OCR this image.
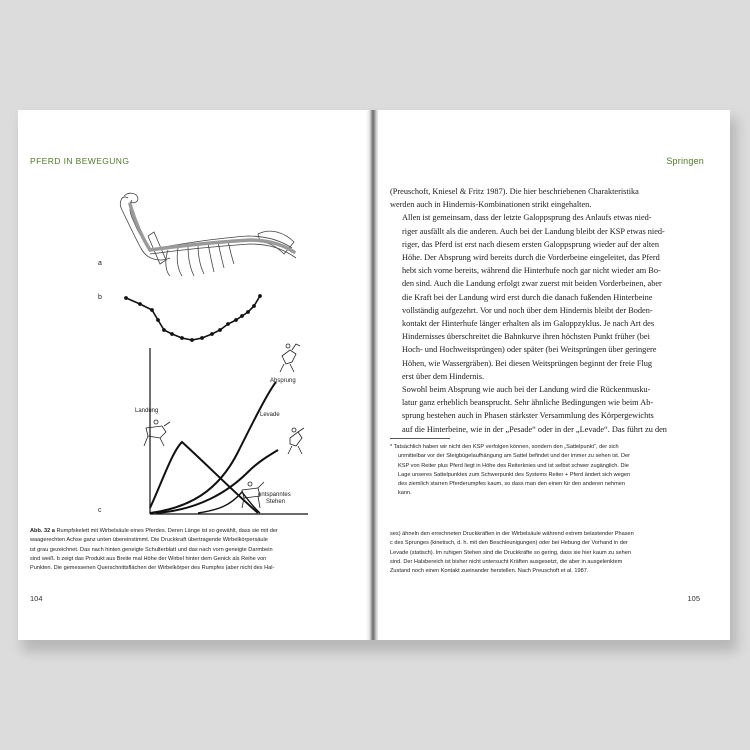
PFERD IN BEWEGUNG
a
b
c
Landung
Levade
Absprung
entspanntes
Stehen
Abb. 32 a Rumpfskelett mit Wirbelsäule eines Pferdes. Deren Länge ist so gewählt, dass sie mit der
waagerechten Achse ganz unten übereinstimmt. Die Druckkraft übertragende Wirbelkörpersäule
ist grau gezeichnet. Das nach hinten geneigte Schulterblatt und das nach vorn geneigte Darmbein
sind weiß. b zeigt das Produkt aus Breite mal Höhe der Wirbel hinter dem Genick als Reihe von
Punkten. Die gemessenen Querschnittsflächen der Wirbelkörper des Rumpfes (aber nicht des Hal-
104
Springen

(Preuschoft, Kniesel & Fritz 1987). Die hier beschriebenen Charakteristika
werden auch in Hindernis-Kombinationen strikt eingehalten.

Allen ist gemeinsam, dass der letzte Galoppsprung des Anlaufs etwas nied-
riger ausfällt als die anderen. Auch bei der Landung bleibt der KSP etwas nied-
riger, das Pferd ist erst nach diesem ersten Galoppsprung wieder auf der alten
Höhe. Der Absprung wird bereits durch die Vorderbeine eingeleitet, das Pferd
hebt sich vorne bereits, während die Hinterhufe noch gar nicht wieder am Bo-
den sind. Auch die Landung erfolgt zwar zuerst mit beiden Vorderbeinen, aber
die Kraft bei der Landung wird erst durch die danach fußenden Hinterbeine
vollständig aufgezehrt. Vor und noch über dem Hindernis bleibt der Boden-
kontakt der Hinterhufe länger erhalten als im Galoppzyklus. Je nach Art des
Hindernisses überschreitet die Bahnkurve ihren höchsten Punkt früher (bei
Hoch- und Hochweitsprüngen) oder später (bei Weitsprüngen über geringere
Höhen, wie Wassergräben). Bei diesen Weitsprüngen beginnt der freie Flug
erst über dem Hindernis.

Sowohl beim Absprung wie auch bei der Landung wird die Rückenmusku-
latur ganz erheblich beansprucht. Sehr ähnliche Bedingungen wie beim Ab-
sprung bestehen auch in Phasen stärkster Versammlung des Körpergewichts
auf die Hinterbeine, wie in der „Pesade“ oder in der „Levade“. Das führt zu den

* Tatsächlich haben wir nicht den KSP verfolgen können, sondern den „Sattelpunkt“, der sich
unmittelbar vor der Steigbügelaufhängung am Sattel befindet und der immer zu sehen ist. Der
KSP von Reiter plus Pferd liegt in Höhe des Reiterknies und ist selbst schwer zugänglich. Die
Lage unseres Sattelpunktes zum Schwerpunkt des Systems Reiter + Pferd ändert sich wegen
des ziemlich starren Pferderumpfes kaum, so dass man den einen für den anderen nehmen
kann.
ses) ähneln den errechneten Druckkräften in der Wirbelsäule während extrem belastender Phasen
c des Sprunges (kinetisch, d. h. mit den Beschleunigungen) oder bei Hebung der Vorhand in der
Levade (statisch). Im ruhigen Stehen sind die Druckkräfte so gering, dass sie hier kaum zu sehen
sind. Der Halsbereich ist bisher nicht untersucht Kräften ausgesetzt, die aber in ausgelenktem
Zustand noch einen Kontakt zueinander herstellen. Nach Preuschoft et al. 1987.
105
